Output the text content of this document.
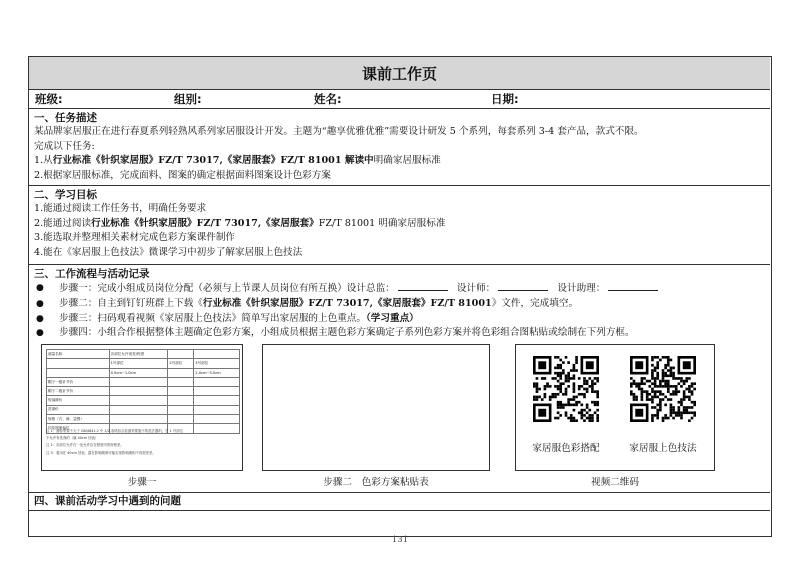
课前工作页
班级:	组别:	姓名:	日期:
一、任务描述
某品牌家居服正在进行春夏系列轻熟风系列家居服设计开发。主题为“趣享优雅优雅”需要设计研发 5 个系列，每套系列 3-4 套产品，款式不限。
完成以下任务:
1.从行业标准《针织家居服》FZ/T 73017,《家居服套》FZ/T 81001 解读中明确家居服标准
2.根据家居服标准，完成面料、图案的确定根据面料图案设计色彩方案
二、学习目标
1.能通过阅读工作任务书，明确任务要求
2.能通过阅读行业标准《针织家居服》FZ/T 73017,《家居服套》FZ/T 81001 明确家居服标准
3.能选取并整理相关素材完成色彩方案课件制作
4.能在《家居服上色技法》微课学习中初步了解家居服上色技法
三、工作流程与活动记录
● 步骤一：完成小组成员岗位分配（必须与上节课人员岗位有所互换）设计总监：	设计师：	设计助理：
● 步骤二：自主到钉钉班群上下载《行业标准《针织家居服》FZ/T 73017,《家居服套》FZ/T 81001》文件，完成填空。
● 步骤三：扫码观看视频《家居服上色技法》简单写出家居服的上色重点。（学习重点）
● 步骤四：小组合作根据整体主题确定色彩方案，小组成员根据主题色彩方案确定子系列色彩方案并将色彩组合图粘贴或绘制在下列方框。
测量名称	各部位允许误差/程度		
	1号部位	2号部位	3号部位
	0.5cm~1.0cm		2.0cm~5.0cm
帽子一级针节价			
帽子二级针节价			
短袖裤价			
洗涤价			
规格（衣、裤、袋围）			
印花图案偏位			
注 1：测检采要不大于 GB/4841.2 中 1/2 条码扣点检测采要施不的洗法器料，在 1 号部位
不允许有洗涤的（属 40cm 回表）
注 2：各部位允许在一处允许存在程度内的规格差。
注 3：着用在 40cm 回表，露在影响绳制可能实现影响绳相不同需差差。
步骤一	步骤二　色彩方案粘贴表
家居服色彩搭配	家居服上色技法
视频二维码
四、课前活动学习中遇到的问题
131
